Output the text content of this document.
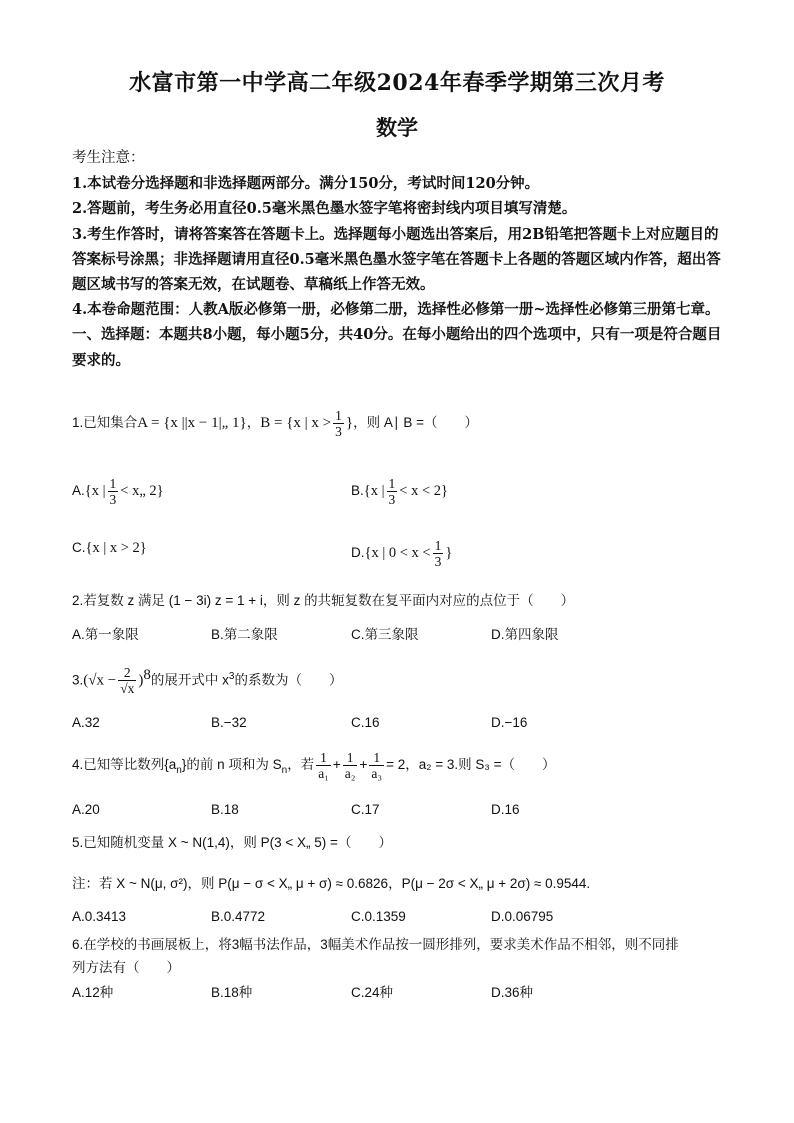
水富市第一中学高二年级2024年春季学期第三次月考
数学

考生注意：

1.本试卷分选择题和非选择题两部分。满分150分，考试时间120分钟。

2.答题前，考生务必用直径0.5毫米黑色墨水签字笔将密封线内项目填写清楚。

3.考生作答时，请将答案答在答题卡上。选择题每小题选出答案后，用2B铅笔把答题卡上对应题目的答案标号涂黑；非选择题请用直径0.5毫米黑色墨水签字笔在答题卡上各题的答题区域内作答，超出答题区域书写的答案无效，在试题卷、草稿纸上作答无效。

4.本卷命题范围：人教A版必修第一册，必修第二册，选择性必修第一册~选择性必修第三册第七章。

一、选择题：本题共8小题，每小题5分，共40分。在每小题给出的四个选项中，只有一项是符合题目要求的。

1.已知集合A = {x ||x − 1|„ 1}，B = {x | $x > \frac{1}{3}$ }，则 A∣ B =（　　）
A.{x | $\frac{1}{3}$ < x„ 2}	B.{x | $\frac{1}{3} < x < 2$}
C.{x | x > 2}	D.{x | $0 < x < \frac{1}{3}$ }
2.若复数 z 满足 (1 − 3i) z = 1 + i，则 z 的共轭复数在复平面内对应的点位于（　　）
A.第一象限	B.第二象限	C.第三象限	D.第四象限
$3.(√x - \frac{2}{√x} )^8$的展开式中 $x^3$的系数为（　　）
A.32	B.−32	C.16	D.−16
4.已知等比数列$\{a_n\}$的前 n 项和为 $S_n$，若 $\frac{1}{\text{a₁}} + \frac{1}{\text{a₂}} + \frac{1}{\text{a₃}} = 2$，a₂ = 3.则 S₃ =（　　）
A.20	B.18	C.17	D.16
5.已知随机变量 X ~ N(1,4)，则 P(3 < X„ 5) =（　　）
注：若 X ~ N(μ, σ²)，则 P(μ − σ < X„ μ + σ) ≈ 0.6826，P(μ − 2σ < X„ μ + 2σ) ≈ 0.9544.
A.0.3413	B.0.4772	C.0.1359	D.0.06795
6.在学校的书画展板上，将3幅书法作品，3幅美术作品按一圆形排列，要求美术作品不相邻，则不同排
列方法有（　　）
A.12种	B.18种	C.24种	D.36种
